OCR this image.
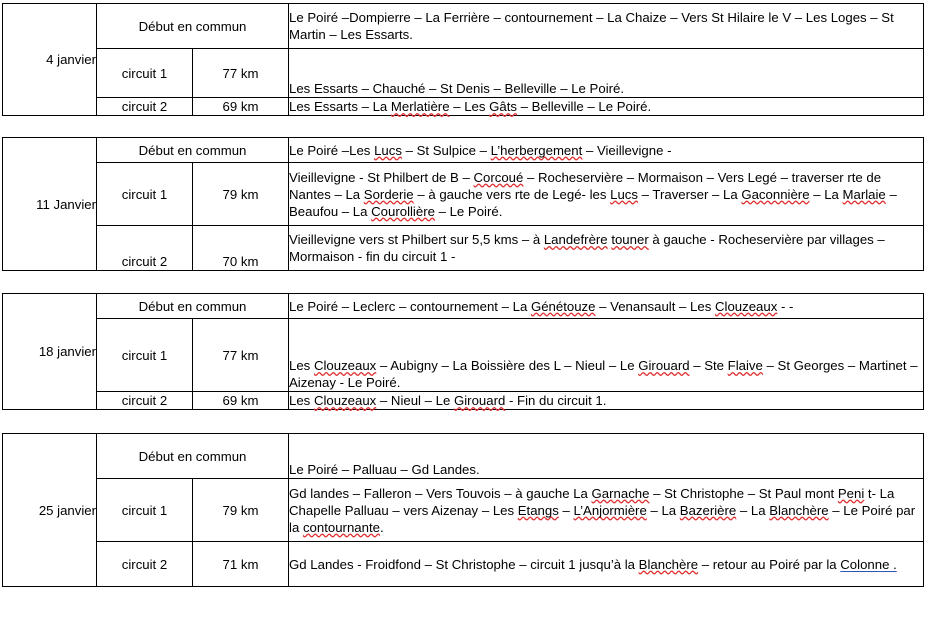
4 janvier	Début en commun		Le Poiré –Dompierre – La Ferrière – contournement – La Chaize – Vers St Hilaire le V – Les Loges – St Martin – Les Essarts.
	circuit 1	77 km	Les Essarts – Chauché – St Denis – Belleville – Le Poiré.
	circuit 2	69 km	Les Essarts – La Merlatière – Les Gâts – Belleville – Le Poiré.
11 Janvier	Début en commun		Le Poiré –Les Lucs – St Sulpice – L’herbergement – Vieillevigne -
	circuit 1	79 km	Vieillevigne - St Philbert de B – Corcoué – Rocheservière – Mormaison – Vers Legé – traverser rte de Nantes – La Sorderie – à gauche vers rte de Legé- les Lucs – Traverser – La Gaconnière – La Marlaie – Beaufou – La Courollière – Le Poiré.
	circuit 2	70 km	Vieillevigne vers st Philbert sur 5,5 kms – à Landefrère touner à gauche - Rocheservière par villages – Mormaison - fin du circuit 1 -
18 janvier	Début en commun		Le Poiré – Leclerc – contournement – La Génétouze – Venansault – Les Clouzeaux - -
	circuit 1	77 km	Les Clouzeaux – Aubigny – La Boissière des L – Nieul – Le Girouard – Ste Flaive – St Georges – Martinet – Aizenay - Le Poiré.
	circuit 2	69 km	Les Clouzeaux – Nieul – Le Girouard - Fin du circuit 1.
25 janvier	Début en commun		Le Poiré – Palluau – Gd Landes.
	circuit 1	79 km	Gd landes – Falleron – Vers Touvois – à gauche La Garnache – St Christophe – St Paul mont Peni t- La Chapelle Palluau – vers Aizenay – Les Etangs – L’Anjormière – La Bazerière – La Blanchère – Le Poiré par la contournante.
	circuit 2	71 km	Gd Landes - Froidfond – St Christophe – circuit 1 jusqu’à la Blanchère – retour au Poiré par la Colonne .
